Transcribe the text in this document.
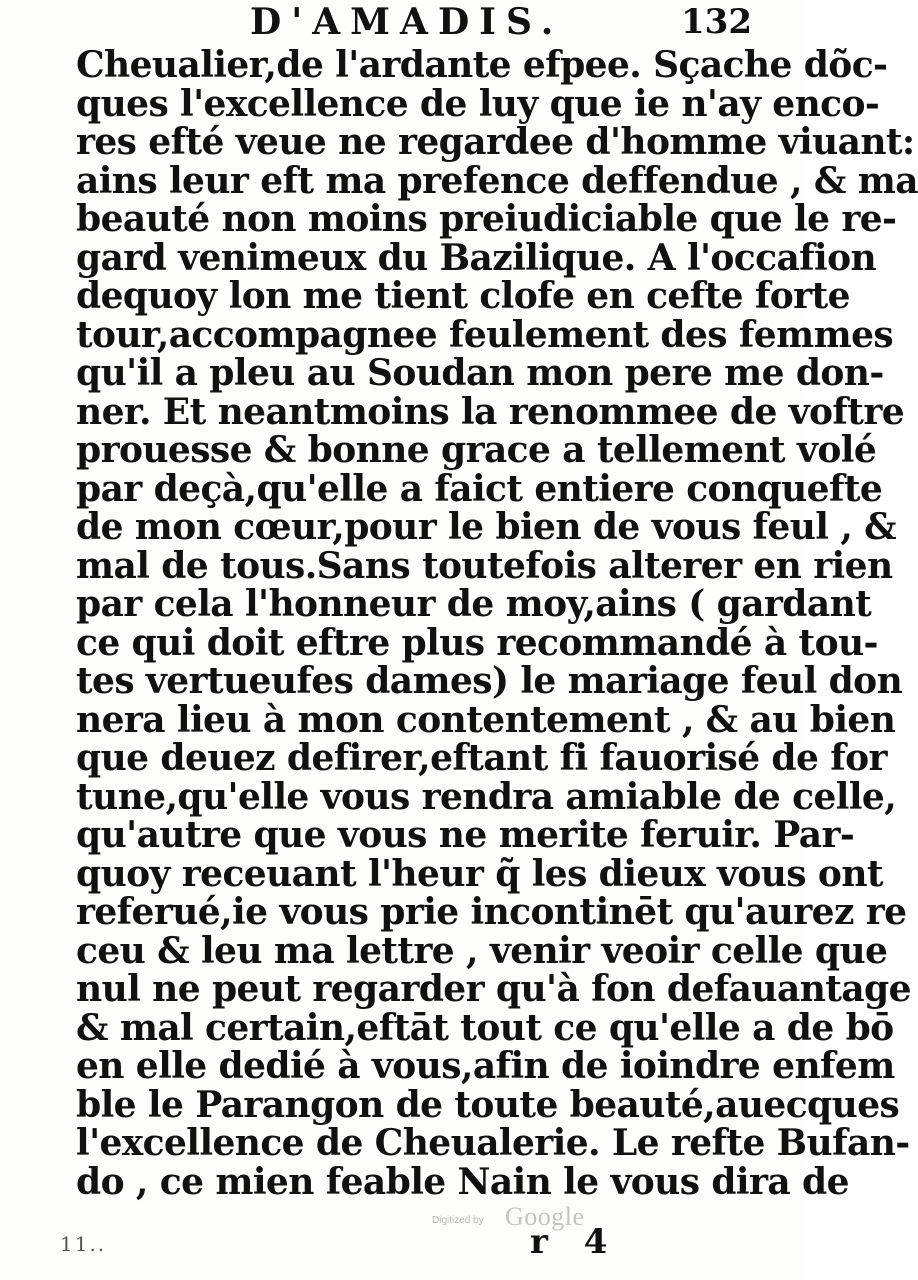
D'AMADIS.	132
Cheualier,de l'ardante efpee. Sçache dõc-
ques l'excellence de luy que ie n'ay enco-
res efté veue ne regardee d'homme viuant:
ains leur eft ma prefence deffendue , & ma
beauté non moins preiudiciable que le re-
gard venimeux du Bazilique. A l'occafion
dequoy lon me tient clofe en cefte forte
tour,accompagnee feulement des femmes
qu'il a pleu au Soudan mon pere me don-
ner. Et neantmoins la renommee de voftre
prouesse & bonne grace a tellement volé
par deçà,qu'elle a faict entiere conquefte
de mon cœur,pour le bien de vous feul , &
mal de tous.Sans toutefois alterer en rien
par cela l'honneur de moy,ains ( gardant
ce qui doit eftre plus recommandé à tou-
tes vertueufes dames) le mariage feul don
nera lieu à mon contentement , & au bien
que deuez defirer,eftant fi fauorisé de for
tune,qu'elle vous rendra amiable de celle,
qu'autre que vous ne merite feruir. Par-
quoy receuant l'heur q̃ les dieux vous ont
referué,ie vous prie incontinēt qu'aurez re
ceu & leu ma lettre , venir veoir celle que
nul ne peut regarder qu'à fon defauantage
& mal certain,eftāt tout ce qu'elle a de bō
en elle dedié à vous,afin de ioindre enfem
ble le Parangon de toute beauté,auecques
l'excellence de Cheualerie. Le refte Bufan-
do , ce mien feable Nain le vous dira de
11..
Digitized by Google
r 4
